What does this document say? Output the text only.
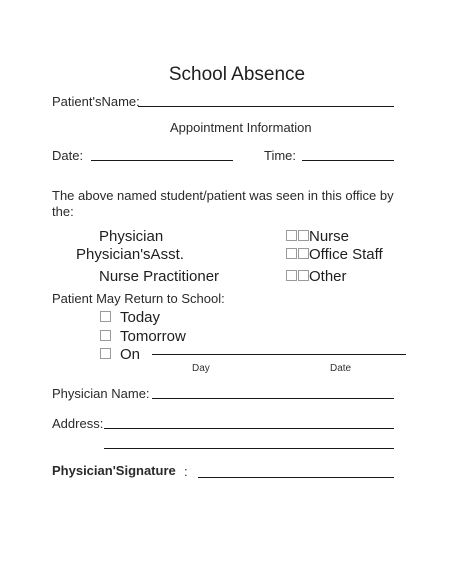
School Absence
Patient'sName:
Appointment Information
Date:	Time:
The above named student/patient was seen in this office by
the:
Physician
Physician'sAsst.
Nurse Practitioner
Nurse
Office Staff
Other
Patient May Return to School:
Today
Tomorrow
On
Day	Date
Physician Name:
Address:
Physician'Signature :
